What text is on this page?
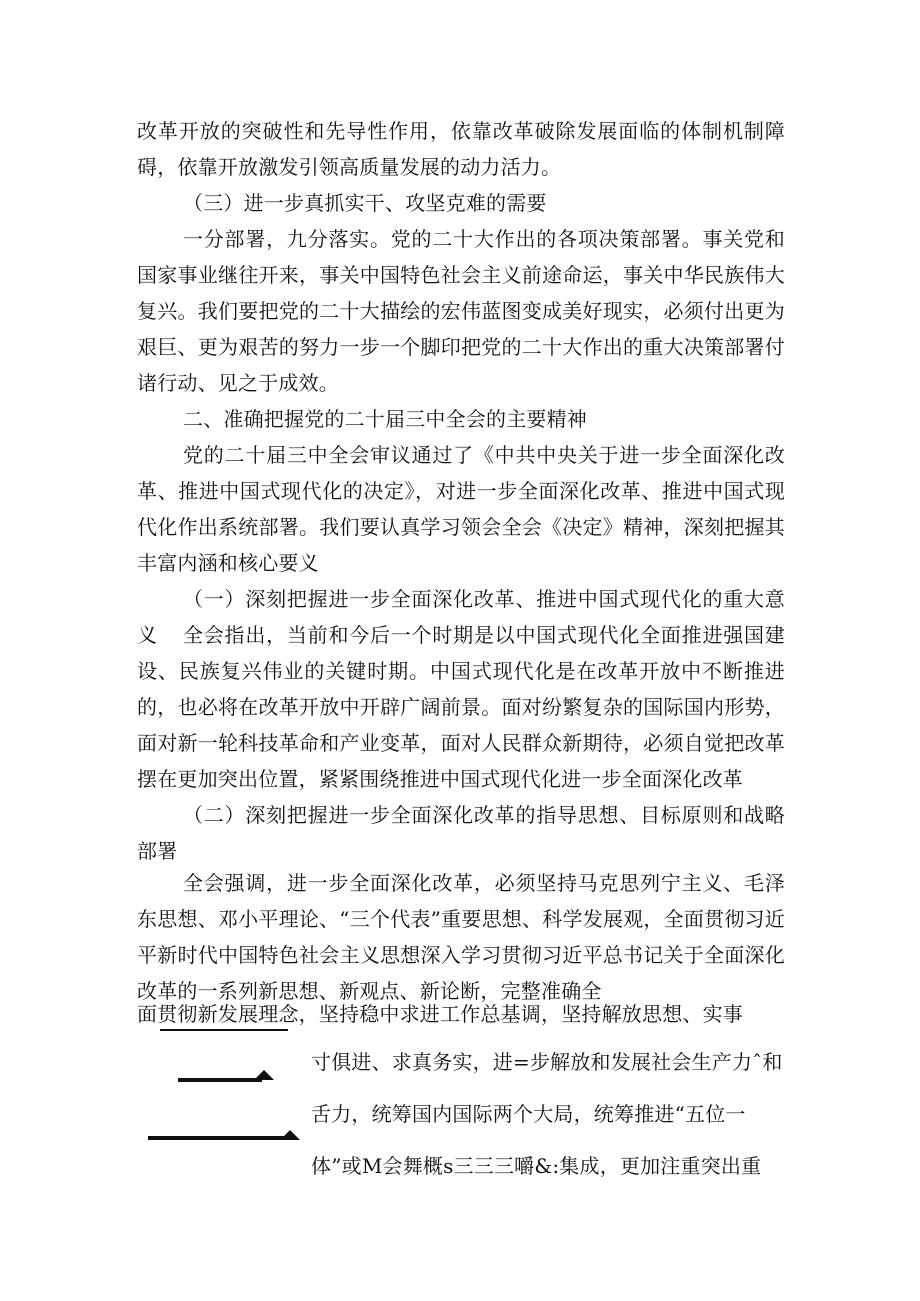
改革开放的突破性和先导性作用，依靠改革破除发展面临的体制机制障碍，依靠开放激发引领高质量发展的动力活力。

（三）进一步真抓实干、攻坚克难的需要

一分部署，九分落实。党的二十大作出的各项决策部署。事关党和国家事业继往开来，事关中国特色社会主义前途命运，事关中华民族伟大复兴。我们要把党的二十大描绘的宏伟蓝图变成美好现实，必须付出更为艰巨、更为艰苦的努力一步一个脚印把党的二十大作出的重大决策部署付诸行动、见之于成效。

二、准确把握党的二十届三中全会的主要精神

党的二十届三中全会审议通过了《中共中央关于进一步全面深化改革、推进中国式现代化的决定》，对进一步全面深化改革、推进中国式现代化作出系统部署。我们要认真学习领会全会《决定》精神，深刻把握其丰富内涵和核心要义

（一）深刻把握进一步全面深化改革、推进中国式现代化的重大意义	全会指出，当前和今后一个时期是以中国式现代化全面推进强国建设、民族复兴伟业的关键时期。中国式现代化是在改革开放中不断推进的，也必将在改革开放中开辟广阔前景。面对纷繁复杂的国际国内形势，面对新一轮科技革命和产业变革，面对人民群众新期待，必须自觉把改革摆在更加突出位置，紧紧围绕推进中国式现代化进一步全面深化改革

（二）深刻把握进一步全面深化改革的指导思想、目标原则和战略部署

全会强调，进一步全面深化改革，必须坚持马克思列宁主义、毛泽东思想、邓小平理论、“三个代表”重要思想、科学发展观，全面贯彻习近平新时代中国特色社会主义思想深入学习贯彻习近平总书记关于全面深化改革的一系列新思想、新观点、新论断，完整准确全

面贯彻新发展理念，坚持稳中求进工作总基调，坚持解放思想、实事

寸俱进、求真务实，进=步解放和发展社会生产力ˆ和

舌力，统筹国内国际两个大局，统筹推进“五位一

体”或M会舞概s三三三嚼&:集成，更加注重突出重
